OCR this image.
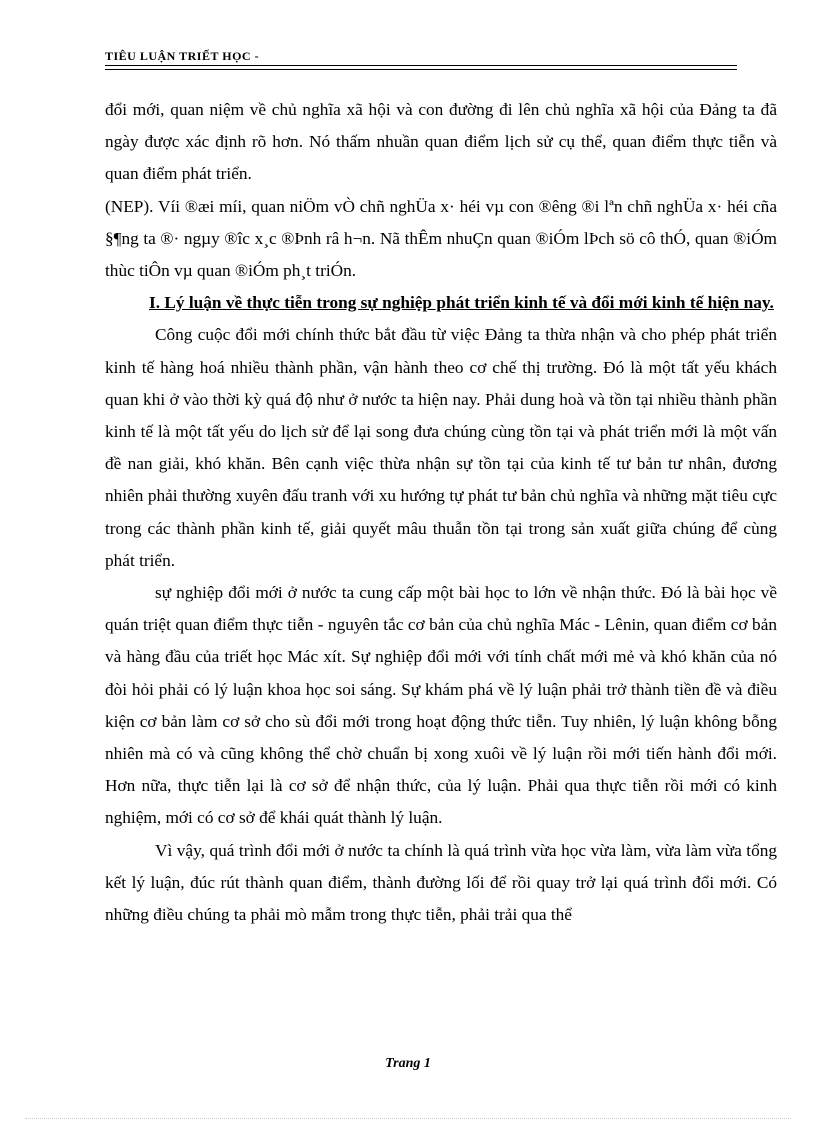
TIÊU LUẬN TRIẾT HỌC -

đổi mới, quan niệm về chủ nghĩa xã hội và con đường đi lên chủ nghĩa xã hội của Đảng ta đã ngày được xác định rõ hơn. Nó thấm nhuần quan điểm lịch sử cụ thể, quan điểm thực tiễn và quan điểm phát triển.

(NEP). Víi ®æi míi, quan niÖm vÒ chñ nghÜa x· héi vµ con ®êng ®i lªn chñ nghÜa x· héi cña §¶ng ta ®· ngµy ®îc x¸c ®Þnh râ h¬n. Nã thÊm nhuÇn quan ®iÓm lÞch sö cô thÓ, quan ®iÓm thùc tiÔn vµ quan ®iÓm ph¸t triÓn.

I. Lý luận về thực tiễn trong sự nghiệp phát triển kinh tế và đổi mới kinh tế hiện nay.

Công cuộc đổi mới chính thức bắt đầu từ việc Đảng ta thừa nhận và cho phép phát triển kinh tế hàng hoá nhiều thành phần, vận hành theo cơ chế thị trường. Đó là một tất yếu khách quan khi ở vào thời kỳ quá độ như ở nước ta hiện nay. Phải dung hoà và tồn tại nhiều thành phần kinh tế là một tất yếu do lịch sử để lại song đưa chúng cùng tồn tại và phát triển mới là một vấn đề nan giải, khó khăn. Bên cạnh việc thừa nhận sự tồn tại của kinh tế tư bản tư nhân, đương nhiên phải thường xuyên đấu tranh với xu hướng tự phát tư bản chủ nghĩa và những mặt tiêu cực trong các thành phần kinh tế, giải quyết mâu thuẫn tồn tại trong sản xuất giữa chúng để cùng phát triển.

sự nghiệp đổi mới ở nước ta cung cấp một bài học to lớn về nhận thức. Đó là bài học về quán triệt quan điểm thực tiễn - nguyên tắc cơ bản của chủ nghĩa Mác - Lênin, quan điểm cơ bản và hàng đầu của triết học Mác xít. Sự nghiệp đổi mới với tính chất mới mẻ và khó khăn của nó đòi hỏi phải có lý luận khoa học soi sáng. Sự khám phá về lý luận phải trở thành tiền đề và điều kiện cơ bản làm cơ sở cho sù đổi mới trong hoạt động thức tiễn. Tuy nhiên, lý luận không bỗng nhiên mà có và cũng không thể chờ chuẩn bị xong xuôi về lý luận rồi mới tiến hành đổi mới. Hơn nữa, thực tiễn lại là cơ sở để nhận thức, của lý luận. Phải qua thực tiễn rồi mới có kinh nghiệm, mới có cơ sở để khái quát thành lý luận.

Vì vậy, quá trình đổi mới ở nước ta chính là quá trình vừa học vừa làm, vừa làm vừa tổng kết lý luận, đúc rút thành quan điểm, thành đường lối để rồi quay trở lại quá trình đổi mới. Có những điều chúng ta phải mò mẫm trong thực tiễn, phải trải qua thể

Trang 1
